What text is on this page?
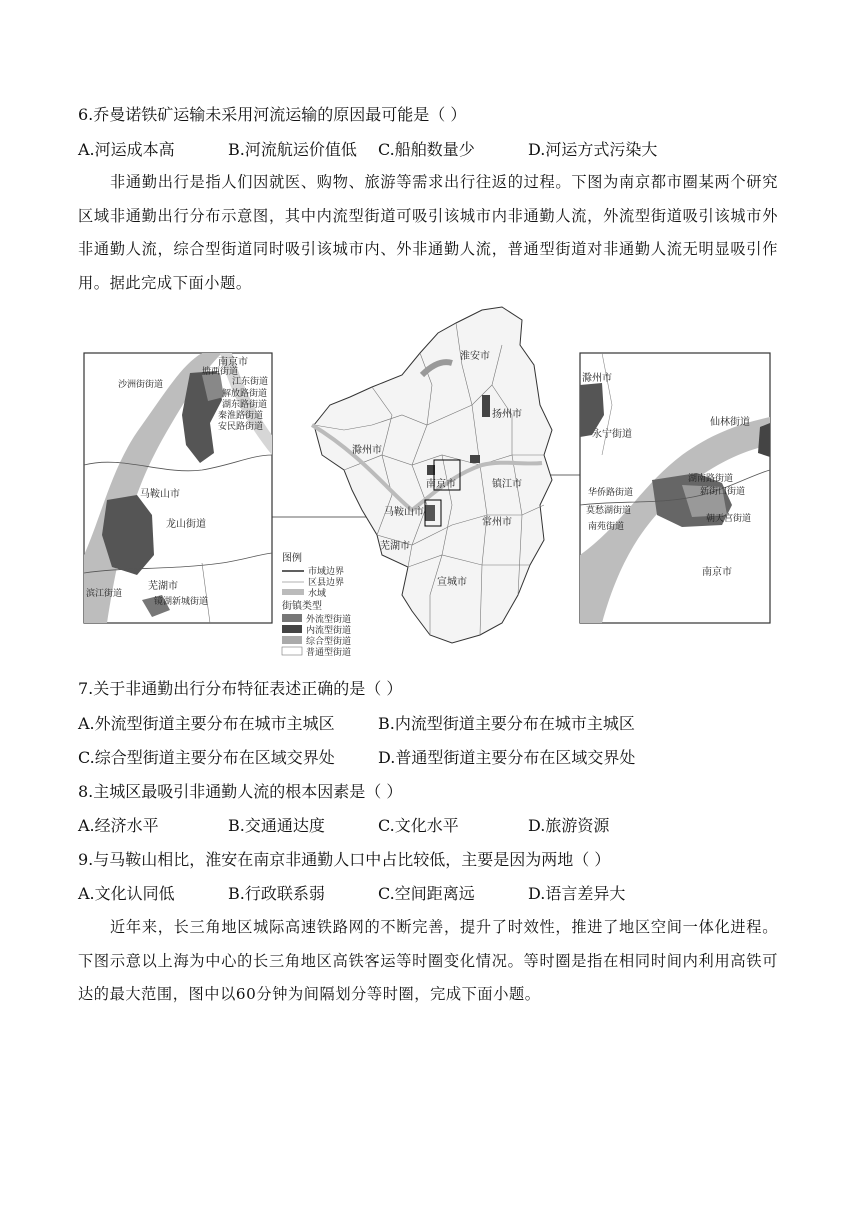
6.乔曼诺铁矿运输未采用河流运输的原因最可能是（ ）
A.河运成本高	B.河流航运价值低 C.船舶数量少	D.河运方式污染大
非通勤出行是指人们因就医、购物、旅游等需求出行往返的过程。下图为南京都市圈某两个研究区域非通勤出行分布示意图，其中内流型街道可吸引该城市内非通勤人流，外流型街道吸引该城市外非通勤人流，综合型街道同时吸引该城市内、外非通勤人流，普通型街道对非通勤人流无明显吸引作用。据此完成下面小题。
南京市
塘西街道
沙洲街街道	江东街道
解放路街道
湖东路街道
秦淮路街道
安民路街道
马鞍山市
龙山街道
芜湖市
滨江街道
镜湖新城街道
淮安市
扬州市
滁州市
南京市	镇江市
马鞍山市
常州市
芜湖市
宣城市
图例
市域边界
区县边界
水域
街镇类型
外流型街道
内流型街道
综合型街道
普通型街道
滁州市
永宁街道
仙林街道
湖南路街道
新街口街道
华侨路街道
莫愁湖街道
朝天宫街道
南苑街道
南京市
7.关于非通勤出行分布特征表述正确的是（ ）
A.外流型街道主要分布在城市主城区	B.内流型街道主要分布在城市主城区
C.综合型街道主要分布在区域交界处	D.普通型街道主要分布在区域交界处
8.主城区最吸引非通勤人流的根本因素是（ ）
A.经济水平	B.交通通达度	C.文化水平	D.旅游资源
9.与马鞍山相比，淮安在南京非通勤人口中占比较低，主要是因为两地（ ）
A.文化认同低	B.行政联系弱	C.空间距离远	D.语言差异大
近年来，长三角地区城际高速铁路网的不断完善，提升了时效性，推进了地区空间一体化进程。下图示意以上海为中心的长三角地区高铁客运等时圈变化情况。等时圈是指在相同时间内利用高铁可达的最大范围，图中以60分钟为间隔划分等时圈，完成下面小题。
